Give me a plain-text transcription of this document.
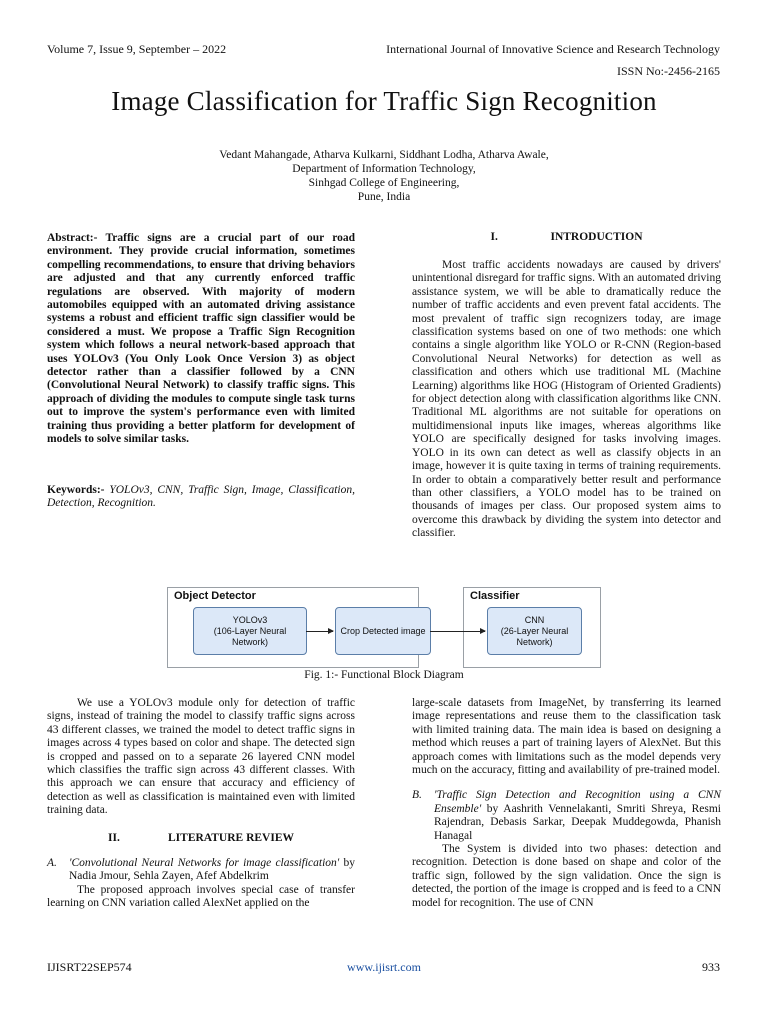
Volume 7, Issue 9, September – 2022	International Journal of Innovative Science and Research Technology
ISSN No:-2456-2165
Image Classification for Traffic Sign Recognition
Vedant Mahangade, Atharva Kulkarni, Siddhant Lodha, Atharva Awale,
Department of Information Technology,
Sinhgad College of Engineering,
Pune, India
Abstract:- Traffic signs are a crucial part of our road environment. They provide crucial information, sometimes compelling recommendations, to ensure that driving behaviors are adjusted and that any currently enforced traffic regulations are observed. With majority of modern automobiles equipped with an automated driving assistance systems a robust and efficient traffic sign classifier would be considered a must. We propose a Traffic Sign Recognition system which follows a neural network-based approach that uses YOLOv3 (You Only Look Once Version 3) as object detector rather than a classifier followed by a CNN (Convolutional Neural Network) to classify traffic signs. This approach of dividing the modules to compute single task turns out to improve the system's performance even with limited training thus providing a better platform for development of models to solve similar tasks.
Keywords:- YOLOv3, CNN, Traffic Sign, Image, Classification, Detection, Recognition.
I.	INTRODUCTION

Most traffic accidents nowadays are caused by drivers' unintentional disregard for traffic signs. With an automated driving assistance system, we will be able to dramatically reduce the number of traffic accidents and even prevent fatal accidents. The most prevalent of traffic sign recognizers today, are image classification systems based on one of two methods: one which contains a single algorithm like YOLO or R-CNN (Region-based Convolutional Neural Networks) for detection as well as classification and others which use traditional ML (Machine Learning) algorithms like HOG (Histogram of Oriented Gradients) for object detection along with classification algorithms like CNN. Traditional ML algorithms are not suitable for operations on multidimensional inputs like images, whereas algorithms like YOLO are specifically designed for tasks involving images. YOLO in its own can detect as well as classify objects in an image, however it is quite taxing in terms of training requirements. In order to obtain a comparatively better result and performance than other classifiers, a YOLO model has to be trained on thousands of images per class. Our proposed system aims to overcome this drawback by dividing the system into detector and classifier.

Object Detector	Classifier
YOLOv3
(106-Layer Neural
Network)
Crop Detected image
CNN
(26-Layer Neural
Network)
Fig. 1:- Functional Block Diagram

We use a YOLOv3 module only for detection of traffic signs, instead of training the model to classify traffic signs across 43 different classes, we trained the model to detect traffic signs in images across 4 types based on color and shape. The detected sign is cropped and passed on to a separate 26 layered CNN model which classifies the traffic sign across 43 different classes. With this approach we can ensure that accuracy and efficiency of detection as well as classification is maintained even with limited training data.

II.	LITERATURE REVIEW
A.	'Convolutional Neural Networks for image classification' by Nadia Jmour, Sehla Zayen, Afef Abdelkrim

The proposed approach involves special case of transfer learning on CNN variation called AlexNet applied on the

large-scale datasets from ImageNet, by transferring its learned image representations and reuse them to the classification task with limited training data. The main idea is based on designing a method which reuses a part of training layers of AlexNet. But this approach comes with limitations such as the model depends very much on the accuracy, fitting and availability of pre-trained model.

B.	'Traffic Sign Detection and Recognition using a CNN Ensemble' by Aashrith Vennelakanti, Smriti Shreya, Resmi Rajendran, Debasis Sarkar, Deepak Muddegowda, Phanish Hanagal

The System is divided into two phases: detection and recognition. Detection is done based on shape and color of the traffic sign, followed by the sign validation. Once the sign is detected, the portion of the image is cropped and is feed to a CNN model for recognition. The use of CNN

IJISRT22SEP574	www.ijisrt.com	933
